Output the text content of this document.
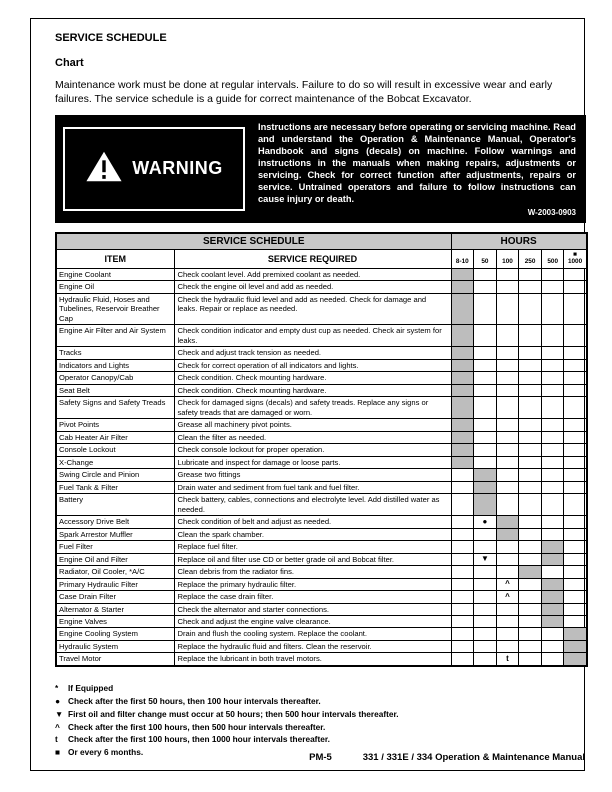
SERVICE SCHEDULE
Chart

Maintenance work must be done at regular intervals. Failure to do so will result in excessive wear and early failures. The service schedule is a guide for correct maintenance of the Bobcat Excavator.

WARNING
Instructions are necessary before operating or servicing machine. Read and understand the Operation & Maintenance Manual, Operator's Handbook and signs (decals) on machine. Follow warnings and instructions in the manuals when making repairs, adjustments or servicing. Check for correct function after adjustments, repairs or service. Untrained operators and failure to follow instructions can cause injury or death.
W-2003-0903
SERVICE SCHEDULE		HOURS					
ITEM	SERVICE REQUIRED	8-10	50	100	250	500	■
1000

Engine Coolant	Check coolant level. Add premixed coolant as needed.						
Engine Oil	Check the engine oil level and add as needed.						
Hydraulic Fluid, Hoses and Tubelines, Reservoir Breather Cap	Check the hydraulic fluid level and add as needed. Check for damage and leaks. Repair or replace as needed.						
Engine Air Filter and Air System	Check condition indicator and empty dust cup as needed. Check air system for leaks.						
Tracks	Check and adjust track tension as needed.						
Indicators and Lights	Check for correct operation of all indicators and lights.						
Operator Canopy/Cab	Check condition. Check mounting hardware.						
Seat Belt	Check condition. Check mounting hardware.						
Safety Signs and Safety Treads	Check for damaged signs (decals) and safety treads. Replace any signs or safety treads that are damaged or worn.						
Pivot Points	Grease all machinery pivot points.						
Cab Heater Air Filter	Clean the filter as needed.						
Console Lockout	Check console lockout for proper operation.						
X-Change	Lubricate and inspect for damage or loose parts.						
Swing Circle and Pinion	Grease two fittings						
Fuel Tank & Filter	Drain water and sediment from fuel tank and fuel filter.						
Battery	Check battery, cables, connections and electrolyte level. Add distilled water as needed.						
Accessory Drive Belt	Check condition of belt and adjust as needed.		●				
Spark Arrestor Muffler	Clean the spark chamber.						
Fuel Filter	Replace fuel filter.						
Engine Oil and Filter	Replace oil and filter use CD or better grade oil and Bobcat filter.		▼				
Radiator, Oil Cooler, *A/C	Clean debris from the radiator fins.						
Primary Hydraulic Filter	Replace the primary hydraulic filter.			^			
Case Drain Filter	Replace the case drain filter.			^			
Alternator & Starter	Check the alternator and starter connections.						
Engine Valves	Check and adjust the engine valve clearance.						
Engine Cooling System	Drain and flush the cooling system. Replace the coolant.						
Hydraulic System	Replace the hydraulic fluid and filters. Clean the reservoir.						
Travel Motor	Replace the lubricant in both travel motors.			t			
*	If Equipped
● Check after the first 50 hours, then 100 hour intervals thereafter.
▼ First oil and filter change must occur at 50 hours; then 500 hour intervals thereafter.
^ Check after the first 100 hours, then 500 hour intervals thereafter.
t	Check after the first 100 hours, then 1000 hour intervals thereafter.
■ Or every 6 months.	PM-5	331 / 331E / 334 Operation & Maintenance Manual
